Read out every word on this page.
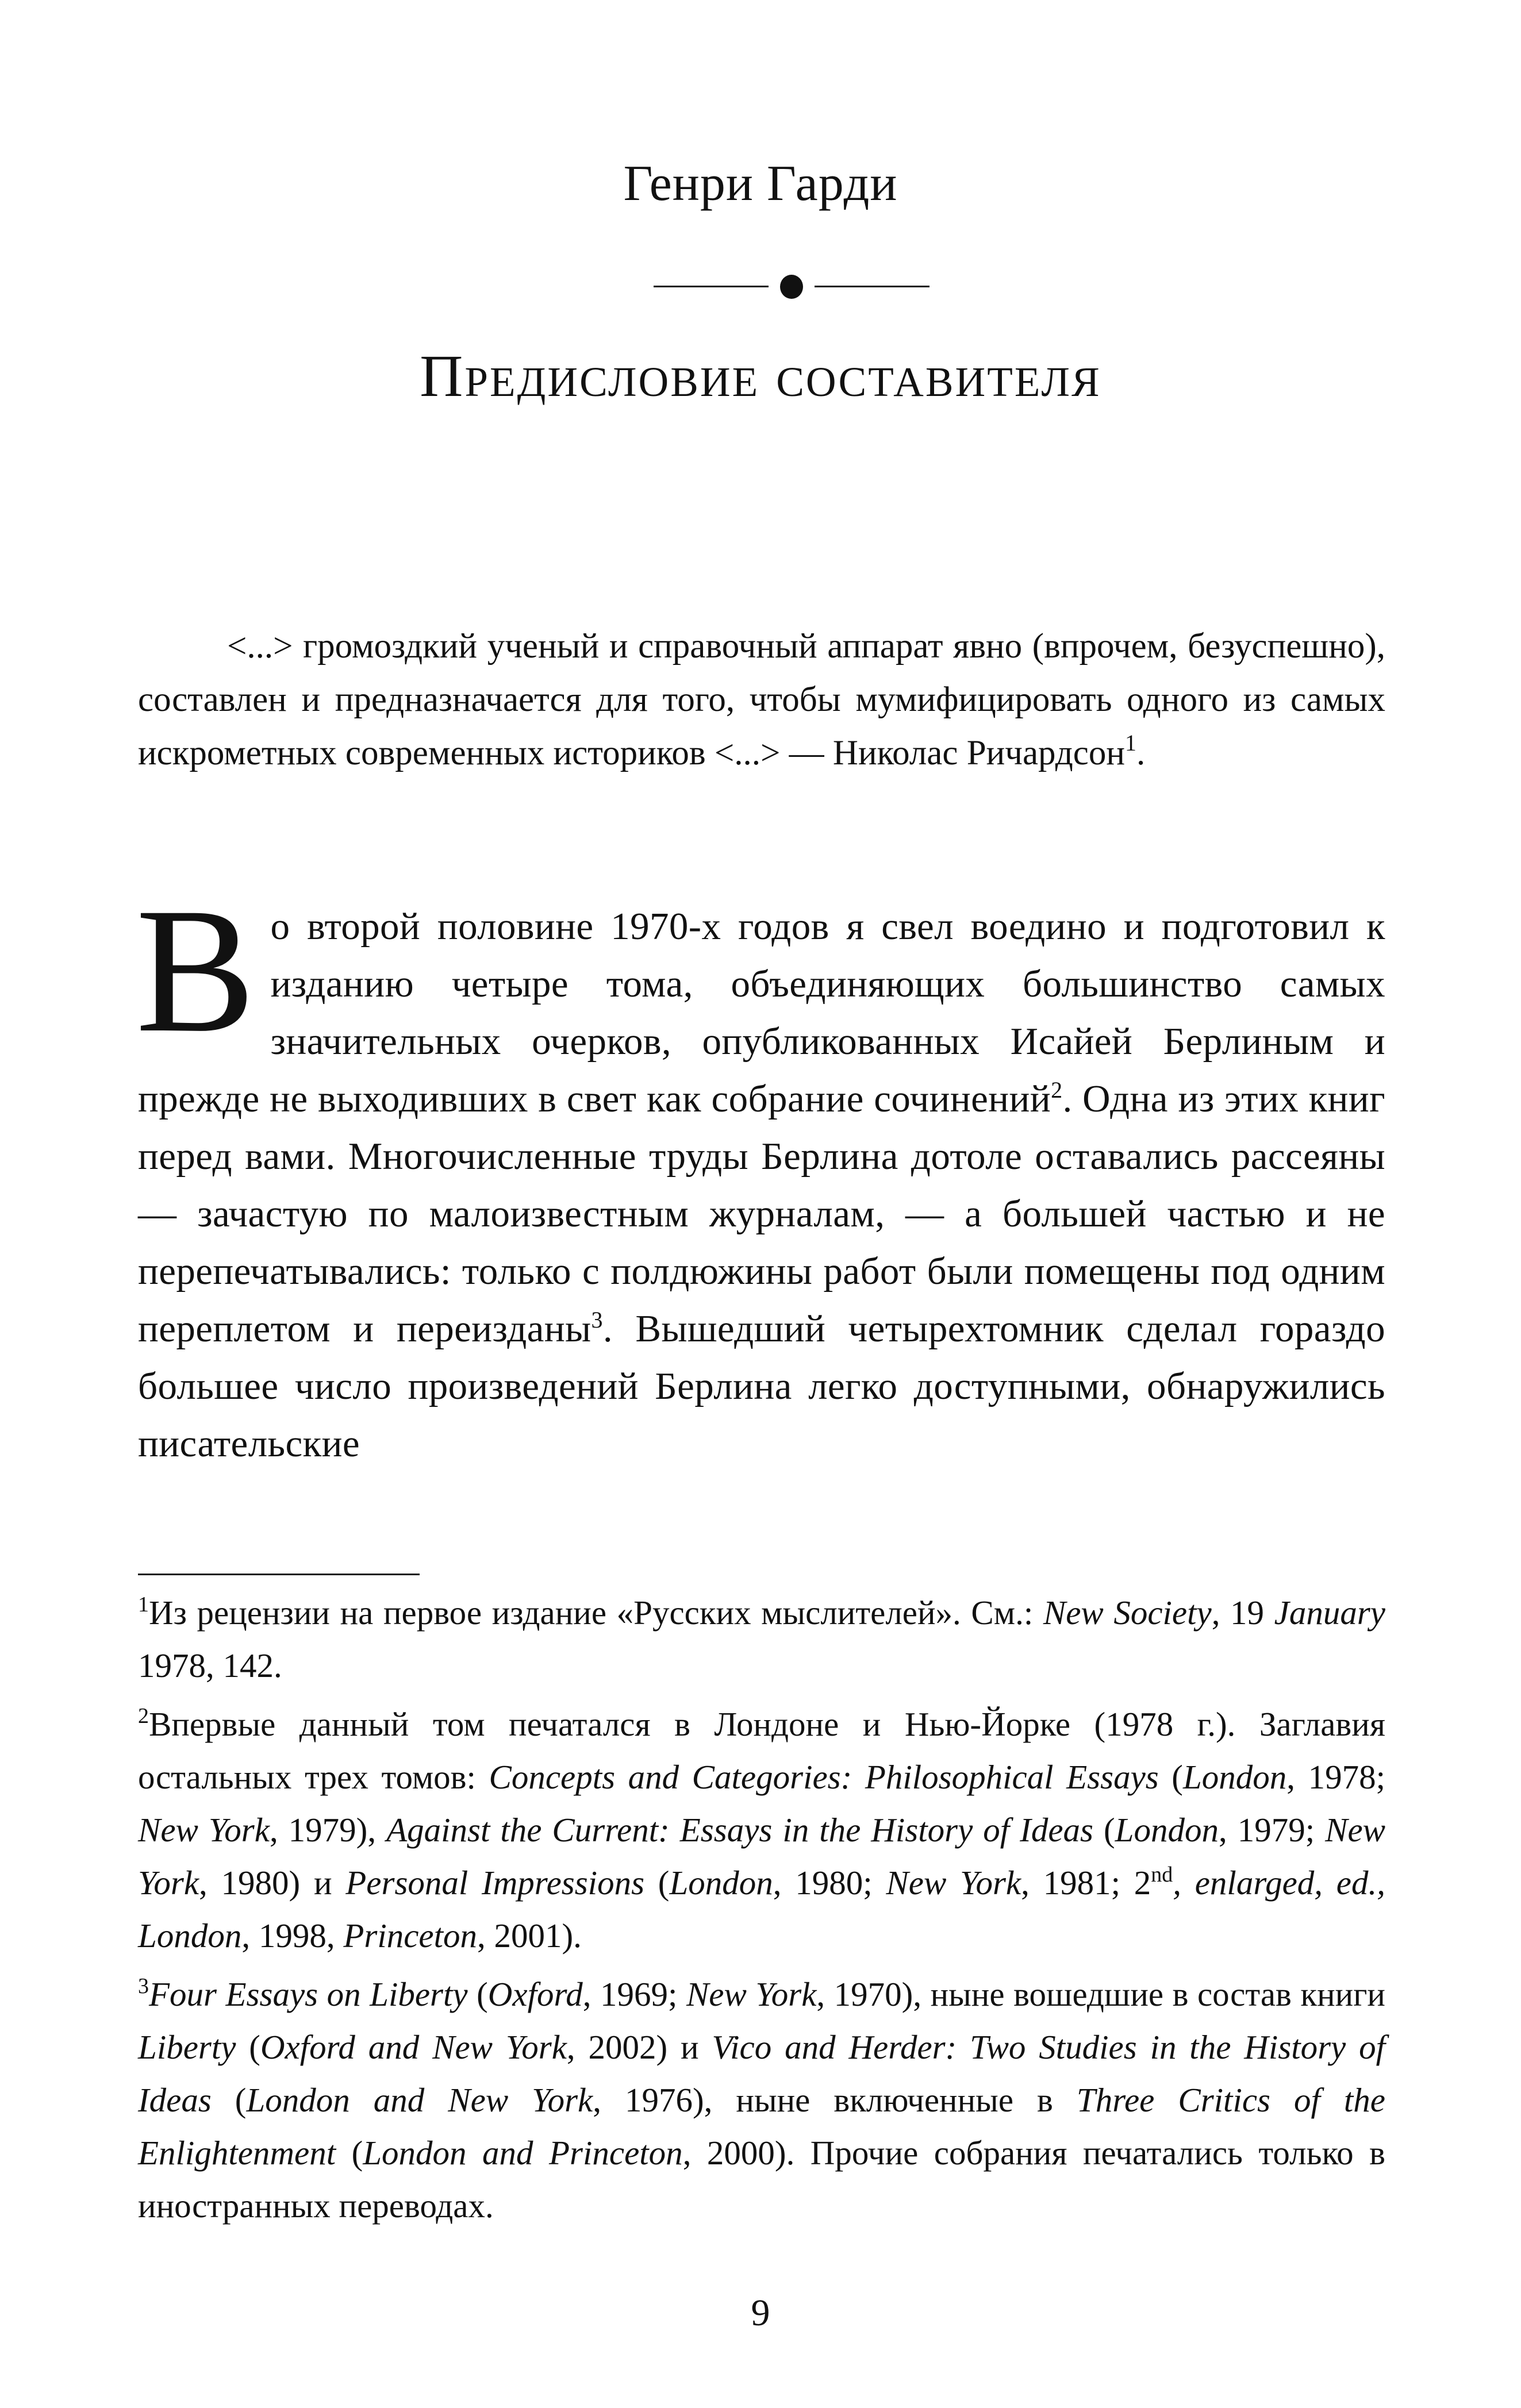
Генри Гарди
Предисловие составителя

<...> громоздкий ученый и справочный аппарат явно (впрочем, безуспешно), составлен и предназначается для того, чтобы мумифицировать одного из самых искрометных современных историков <...> — Николас Ричардсон$^1$.

Во второй половине 1970-х годов я свел воедино и подготовил к изданию четыре тома, объединяющих большинство самых значительных очерков, опубликованных Исайей Берлиным и прежде не выходивших в свет как собрание сочинений$^2$. Одна из этих книг перед вами. Многочисленные труды Берлина дотоле оставались рассеяны — зачастую по малоизвестным журналам, — а большей частью и не перепечатывались: только с полдюжины работ были помещены под одним переплетом и переизданы$^3$. Вышедший четырехтомник сделал гораздо большее число произведений Берлина легко доступными, обнаружились писательские

$^1$Из рецензии на первое издание «Русских мыслителей». См.: New Society, 19 January 1978, 142.

$^2$Впервые данный том печатался в Лондоне и Нью-Йорке (1978 г.). Заглавия остальных трех томов: Concepts and Categories: Philosophical Essays (London, 1978; New York, 1979), Against the Current: Essays in the History of Ideas (London, 1979; New York, 1980) и Personal Impressions (London, 1980; New York, 1981; 2nd, enlarged, ed., London, 1998, Princeton, 2001).

$^3$Four Essays on Liberty (Oxford, 1969; New York, 1970), ныне вошедшие в состав книги Liberty (Oxford and New York, 2002) и Vico and Herder: Two Studies in the History of Ideas (London and New York, 1976), ныне включенные в Three Critics of the Enlightenment (London and Princeton, 2000). Прочие собрания печатались только в иностранных переводах.

9
